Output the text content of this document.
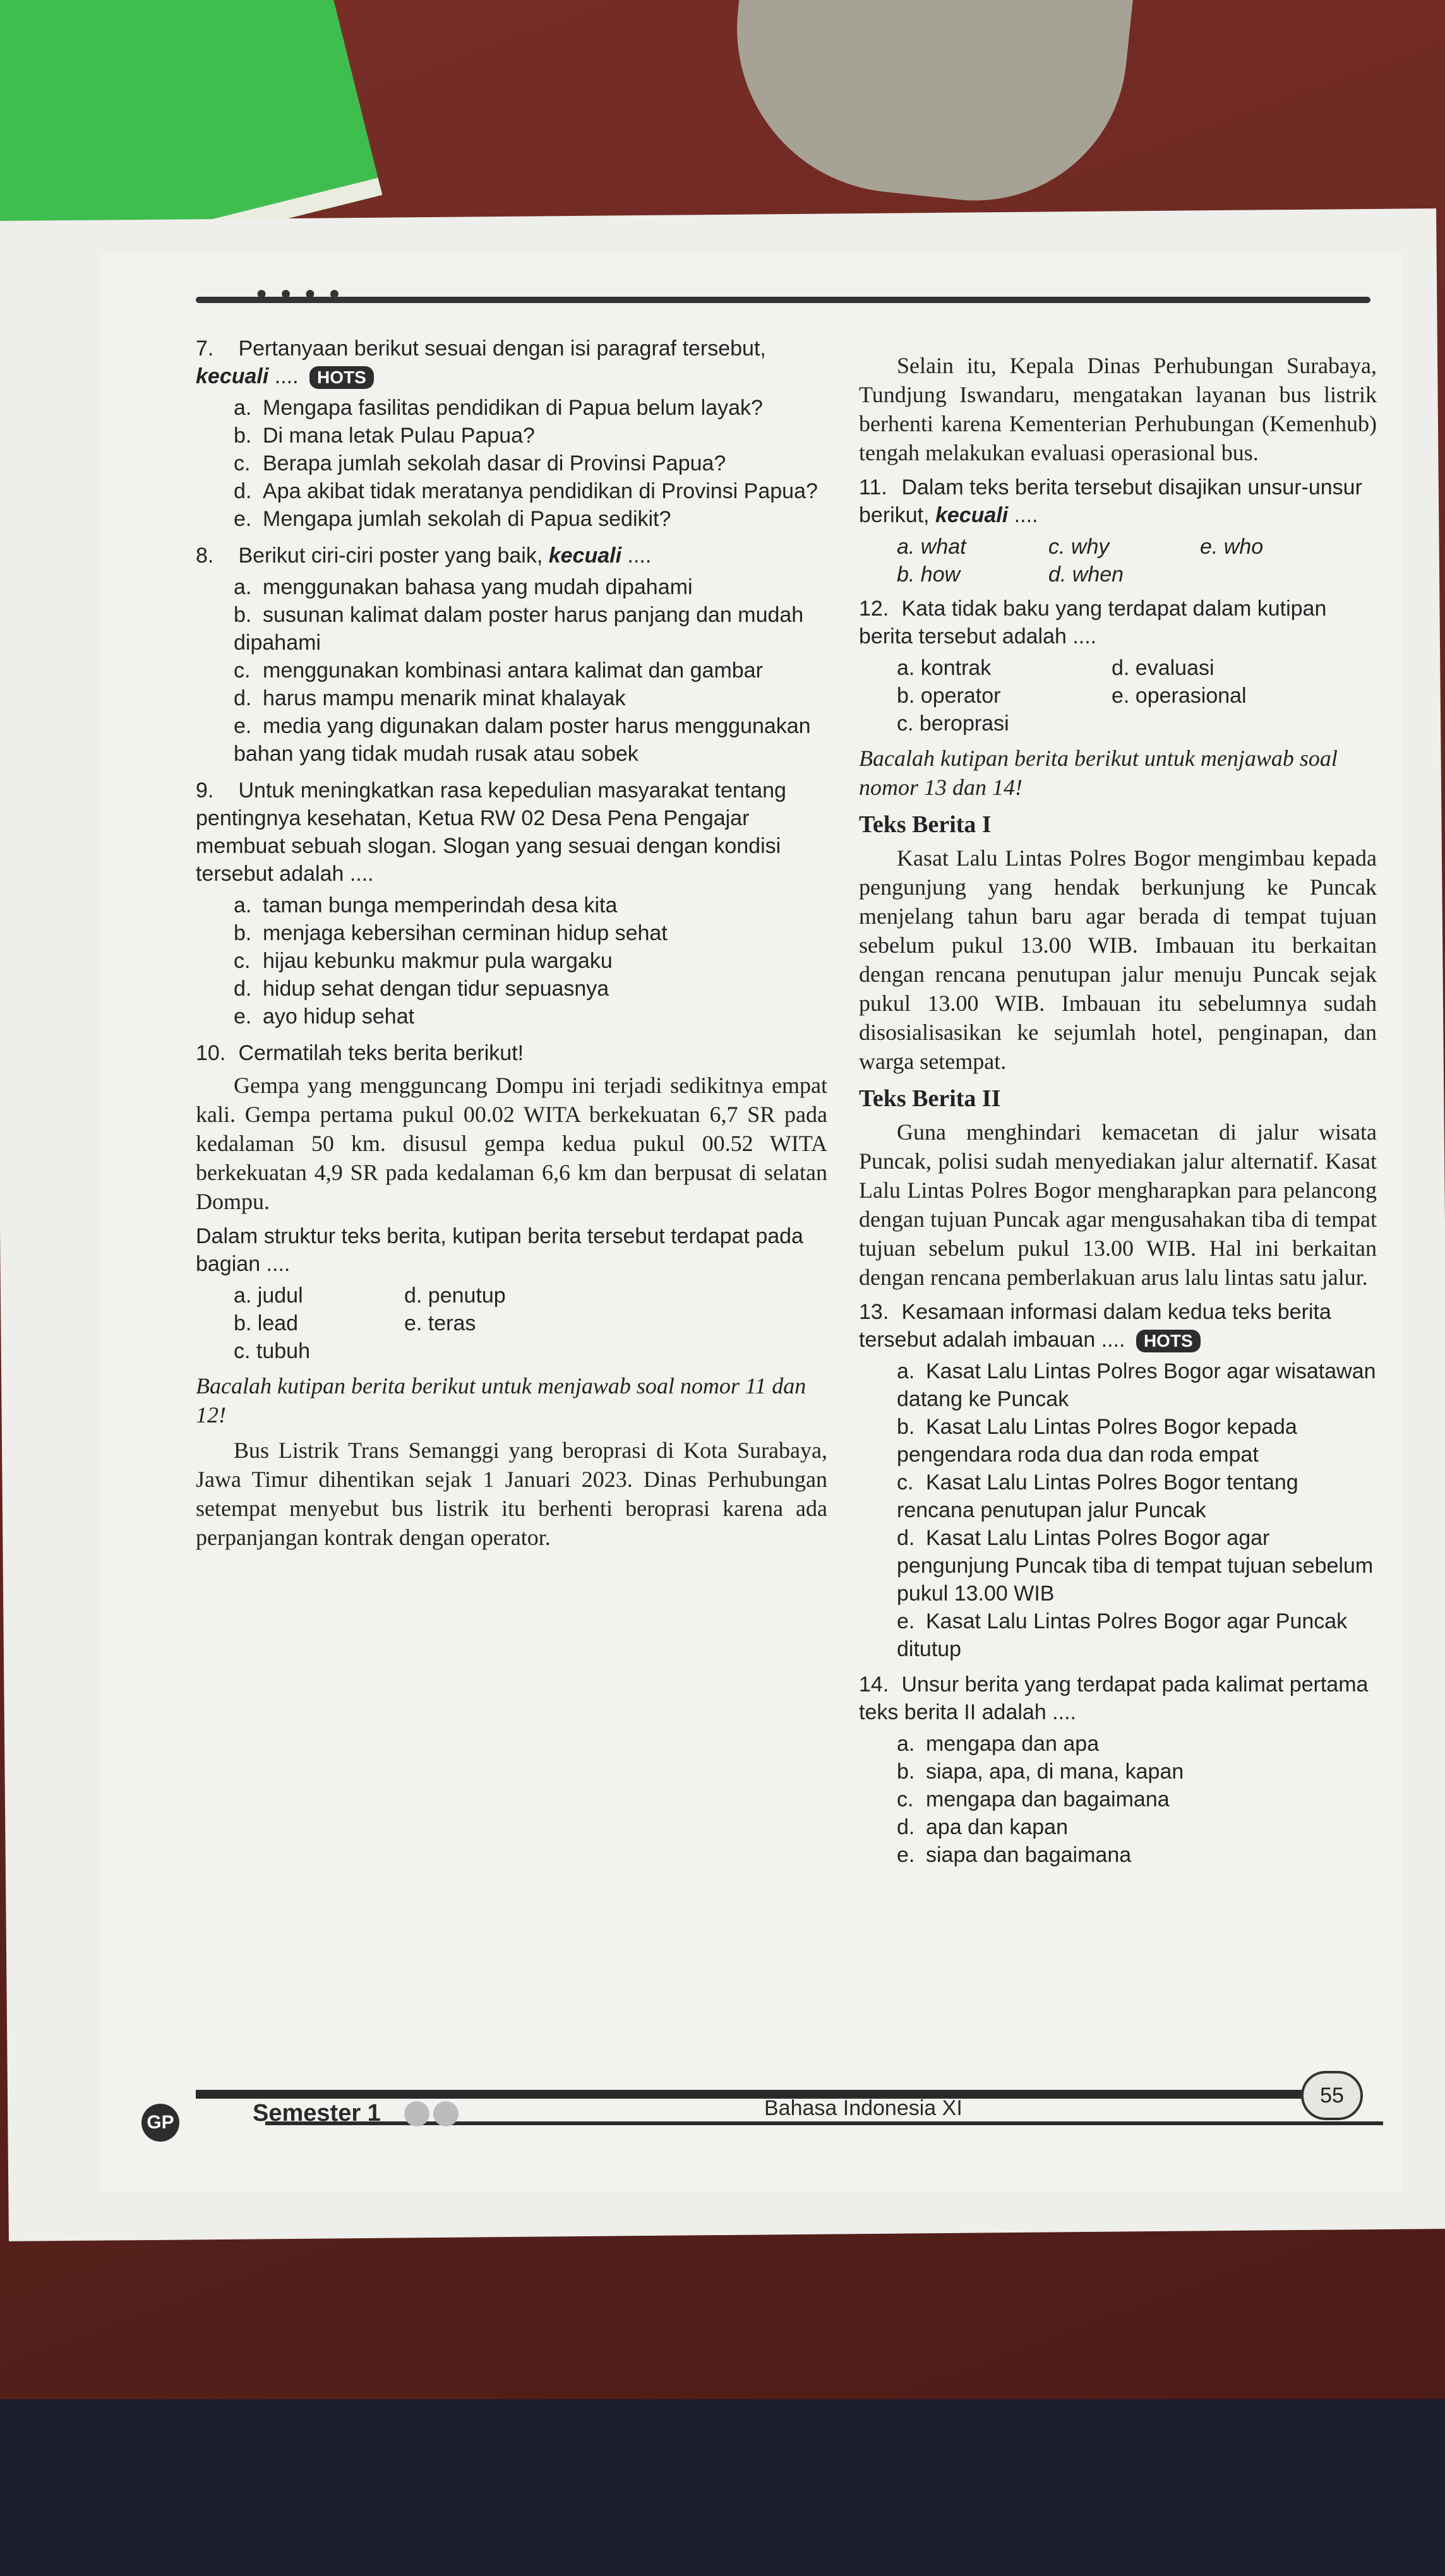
● ● ● ●
7. Pertanyaan berikut sesuai dengan isi paragraf tersebut, kecuali .... HOTS
a. Mengapa fasilitas pendidikan di Papua belum layak?
b. Di mana letak Pulau Papua?
c. Berapa jumlah sekolah dasar di Provinsi Papua?
d. Apa akibat tidak meratanya pendidikan di Provinsi Papua?
e. Mengapa jumlah sekolah di Papua sedikit?
8. Berikut ciri-ciri poster yang baik, kecuali ....
a. menggunakan bahasa yang mudah dipahami
b. susunan kalimat dalam poster harus panjang dan mudah dipahami
c. menggunakan kombinasi antara kalimat dan gambar
d. harus mampu menarik minat khalayak
e. media yang digunakan dalam poster harus menggunakan bahan yang tidak mudah rusak atau sobek
9. Untuk meningkatkan rasa kepedulian masyarakat tentang pentingnya kesehatan, Ketua RW 02 Desa Pena Pengajar membuat sebuah slogan. Slogan yang sesuai dengan kondisi tersebut adalah ....
a. taman bunga memperindah desa kita
b. menjaga kebersihan cerminan hidup sehat
c. hijau kebunku makmur pula wargaku
d. hidup sehat dengan tidur sepuasnya
e. ayo hidup sehat
10. Cermatilah teks berita berikut!
Gempa yang mengguncang Dompu ini terjadi sedikitnya empat kali. Gempa pertama pukul 00.02 WITA berkekuatan 6,7 SR pada kedalaman 50 km. disusul gempa kedua pukul 00.52 WITA berkekuatan 4,9 SR pada kedalaman 6,6 km dan berpusat di selatan Dompu.
Dalam struktur teks berita, kutipan berita tersebut terdapat pada bagian ....
a. judul	d. penutup
b. lead	e. teras
c. tubuh
Bacalah kutipan berita berikut untuk menjawab soal nomor 11 dan 12!
Bus Listrik Trans Semanggi yang beroprasi di Kota Surabaya, Jawa Timur dihentikan sejak 1 Januari 2023. Dinas Perhubungan setempat menyebut bus listrik itu berhenti beroprasi karena ada perpanjangan kontrak dengan operator.
Selain itu, Kepala Dinas Perhubungan Surabaya, Tundjung Iswandaru, mengatakan layanan bus listrik berhenti karena Kementerian Perhubungan (Kemenhub) tengah melakukan evaluasi operasional bus.
11. Dalam teks berita tersebut disajikan unsur-unsur berikut, kecuali ....
a. what	c. why	e. who
b. how	d. when
12. Kata tidak baku yang terdapat dalam kutipan berita tersebut adalah ....
a. kontrak	d. evaluasi
b. operator	e. operasional
c. beroprasi
Bacalah kutipan berita berikut untuk menjawab soal nomor 13 dan 14!
Teks Berita I
Kasat Lalu Lintas Polres Bogor mengimbau kepada pengunjung yang hendak berkunjung ke Puncak menjelang tahun baru agar berada di tempat tujuan sebelum pukul 13.00 WIB. Imbauan itu berkaitan dengan rencana penutupan jalur menuju Puncak sejak pukul 13.00 WIB. Imbauan itu sebelumnya sudah disosialisasikan ke sejumlah hotel, penginapan, dan warga setempat.
Teks Berita II
Guna menghindari kemacetan di jalur wisata Puncak, polisi sudah menyediakan jalur alternatif. Kasat Lalu Lintas Polres Bogor mengharapkan para pelancong dengan tujuan Puncak agar mengusahakan tiba di tempat tujuan sebelum pukul 13.00 WIB. Hal ini berkaitan dengan rencana pemberlakuan arus lalu lintas satu jalur.
13. Kesamaan informasi dalam kedua teks berita tersebut adalah imbauan .... HOTS
a. Kasat Lalu Lintas Polres Bogor agar wisatawan datang ke Puncak
b. Kasat Lalu Lintas Polres Bogor kepada pengendara roda dua dan roda empat
c. Kasat Lalu Lintas Polres Bogor tentang rencana penutupan jalur Puncak
d. Kasat Lalu Lintas Polres Bogor agar pengunjung Puncak tiba di tempat tujuan sebelum pukul 13.00 WIB
e. Kasat Lalu Lintas Polres Bogor agar Puncak ditutup
14. Unsur berita yang terdapat pada kalimat pertama teks berita II adalah ....
a. mengapa dan apa
b. siapa, apa, di mana, kapan
c. mengapa dan bagaimana
d. apa dan kapan
e. siapa dan bagaimana
GP	Semester 1	Bahasa Indonesia XI
55
